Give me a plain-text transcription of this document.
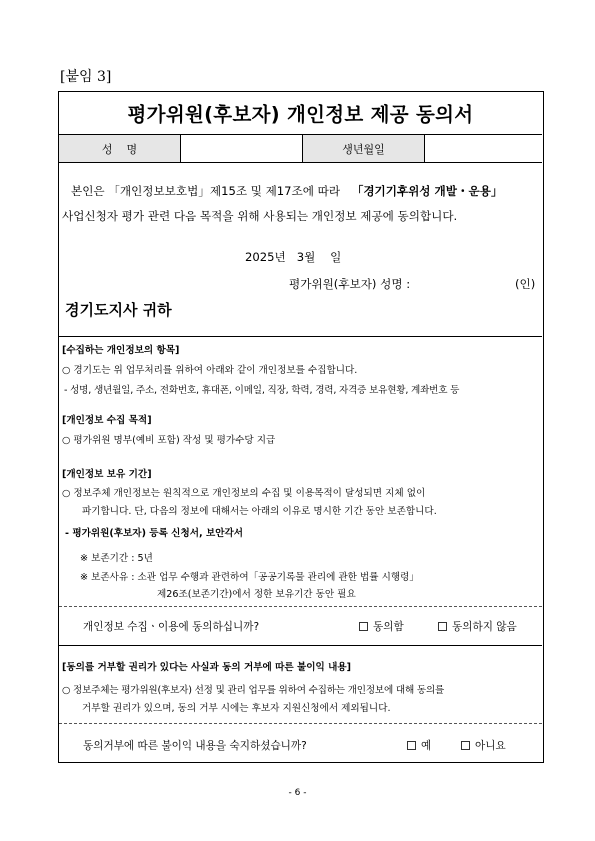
[붙임 3]
평가위원(후보자) 개인정보 제공 동의서
성    명	생년월일
본인은 「개인정보보호법」제15조 및 제17조에 따라 「경기기후위성 개발・운용」
사업신청자 평가 관련 다음 목적을 위해 사용되는 개인정보 제공에 동의합니다.
2025년   3월    일
평가위원(후보자) 성명 :	(인)
경기도지사 귀하
[수집하는 개인정보의 항목]
○ 경기도는 위 업무처리를 위하여 아래와 같이 개인정보를 수집합니다.
- 성명, 생년월일, 주소, 전화번호, 휴대폰, 이메일, 직장, 학력, 경력, 자격증 보유현황, 계좌번호 등
[개인정보 수집 목적]
○ 평가위원 명부(예비 포함) 작성 및 평가수당 지급
[개인정보 보유 기간]
○ 정보주체 개인정보는 원칙적으로 개인정보의 수집 및 이용목적이 달성되면 지체 없이
파기합니다. 단, 다음의 정보에 대해서는 아래의 이유로 명시한 기간 동안 보존합니다.
- 평가위원(후보자) 등록 신청서, 보안각서
※ 보존기간 : 5년
※ 보존사유 : 소관 업무 수행과 관련하여「공공기록물 관리에 관한 법률 시행령」
제26조(보존기간)에서 정한 보유기간 동안 필요
개인정보 수집ㆍ이용에 동의하십니까?	동의함	동의하지 않음
[동의를 거부할 권리가 있다는 사실과 동의 거부에 따른 불이익 내용]
○ 정보주체는 평가위원(후보자) 선정 및 관리 업무를 위하여 수집하는 개인정보에 대해 동의를
거부할 권리가 있으며, 동의 거부 시에는 후보자 지원신청에서 제외됩니다.
동의거부에 따른 불이익 내용을 숙지하셨습니까?	예	아니요
- 6 -
